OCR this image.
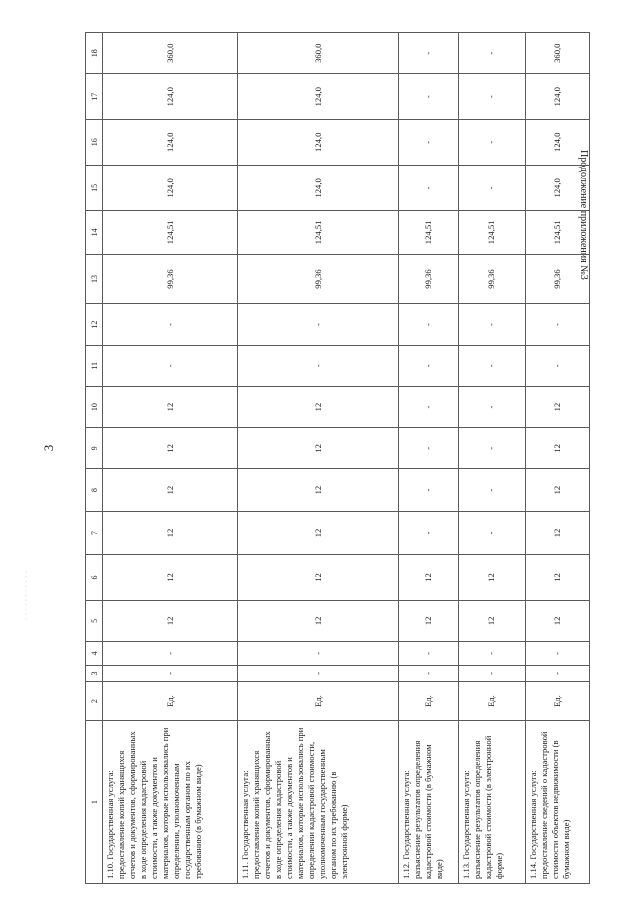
3
Продолжение приложения №3
· · · · · · · · · · ·
1	2	3	4	5	6	7	8	9	10	11	12	13	14	15	16	17	18
1.10. Государственная услуга: предоставление копий хранящихся отчетов и документов, сформированных в ходе определения кадастровой стоимости, а также документов и материалов, которые использовались при определении, уполномоченным государственным органом по их требованию (в бумажном виде)	Ед.	-	-	12	12	12	12	12	12	-	-	99,36	124,51	124,0	124,0	124,0	360,0
1.11. Государственная услуга: предоставление копий хранящихся отчетов и документов, сформированных в ходе определения кадастровой стоимости, а также документов и материалов, которые использовались при определении кадастровой стоимости, уполномоченным государственным органом по их требованию (в электронной форме)	Ед.	-	-	12	12	12	12	12	12	-	-	99,36	124,51	124,0	124,0	124,0	360,0
1.12. Государственная услуга: разъяснение результатов определения кадастровой стоимости (в бумажном виде)	Ед.	-	-	12	12	-	-	-	-	-	-	99,36	124,51	-	-	-	-
1.13. Государственная услуга: разъяснение результатов определения кадастровой стоимости (в электронной форме)	Ед.	-	-	12	12	-	-	-	-	-	-	99,36	124,51	-	-	-	-
1.14. Государственная услуга: предоставление сведений о кадастровой стоимости объектов недвижимости (в бумажном виде)	Ед.	-	-	12	12	12	12	12	12	-	-	99,36	124,51	124,0	124,0	124,0	360,0
